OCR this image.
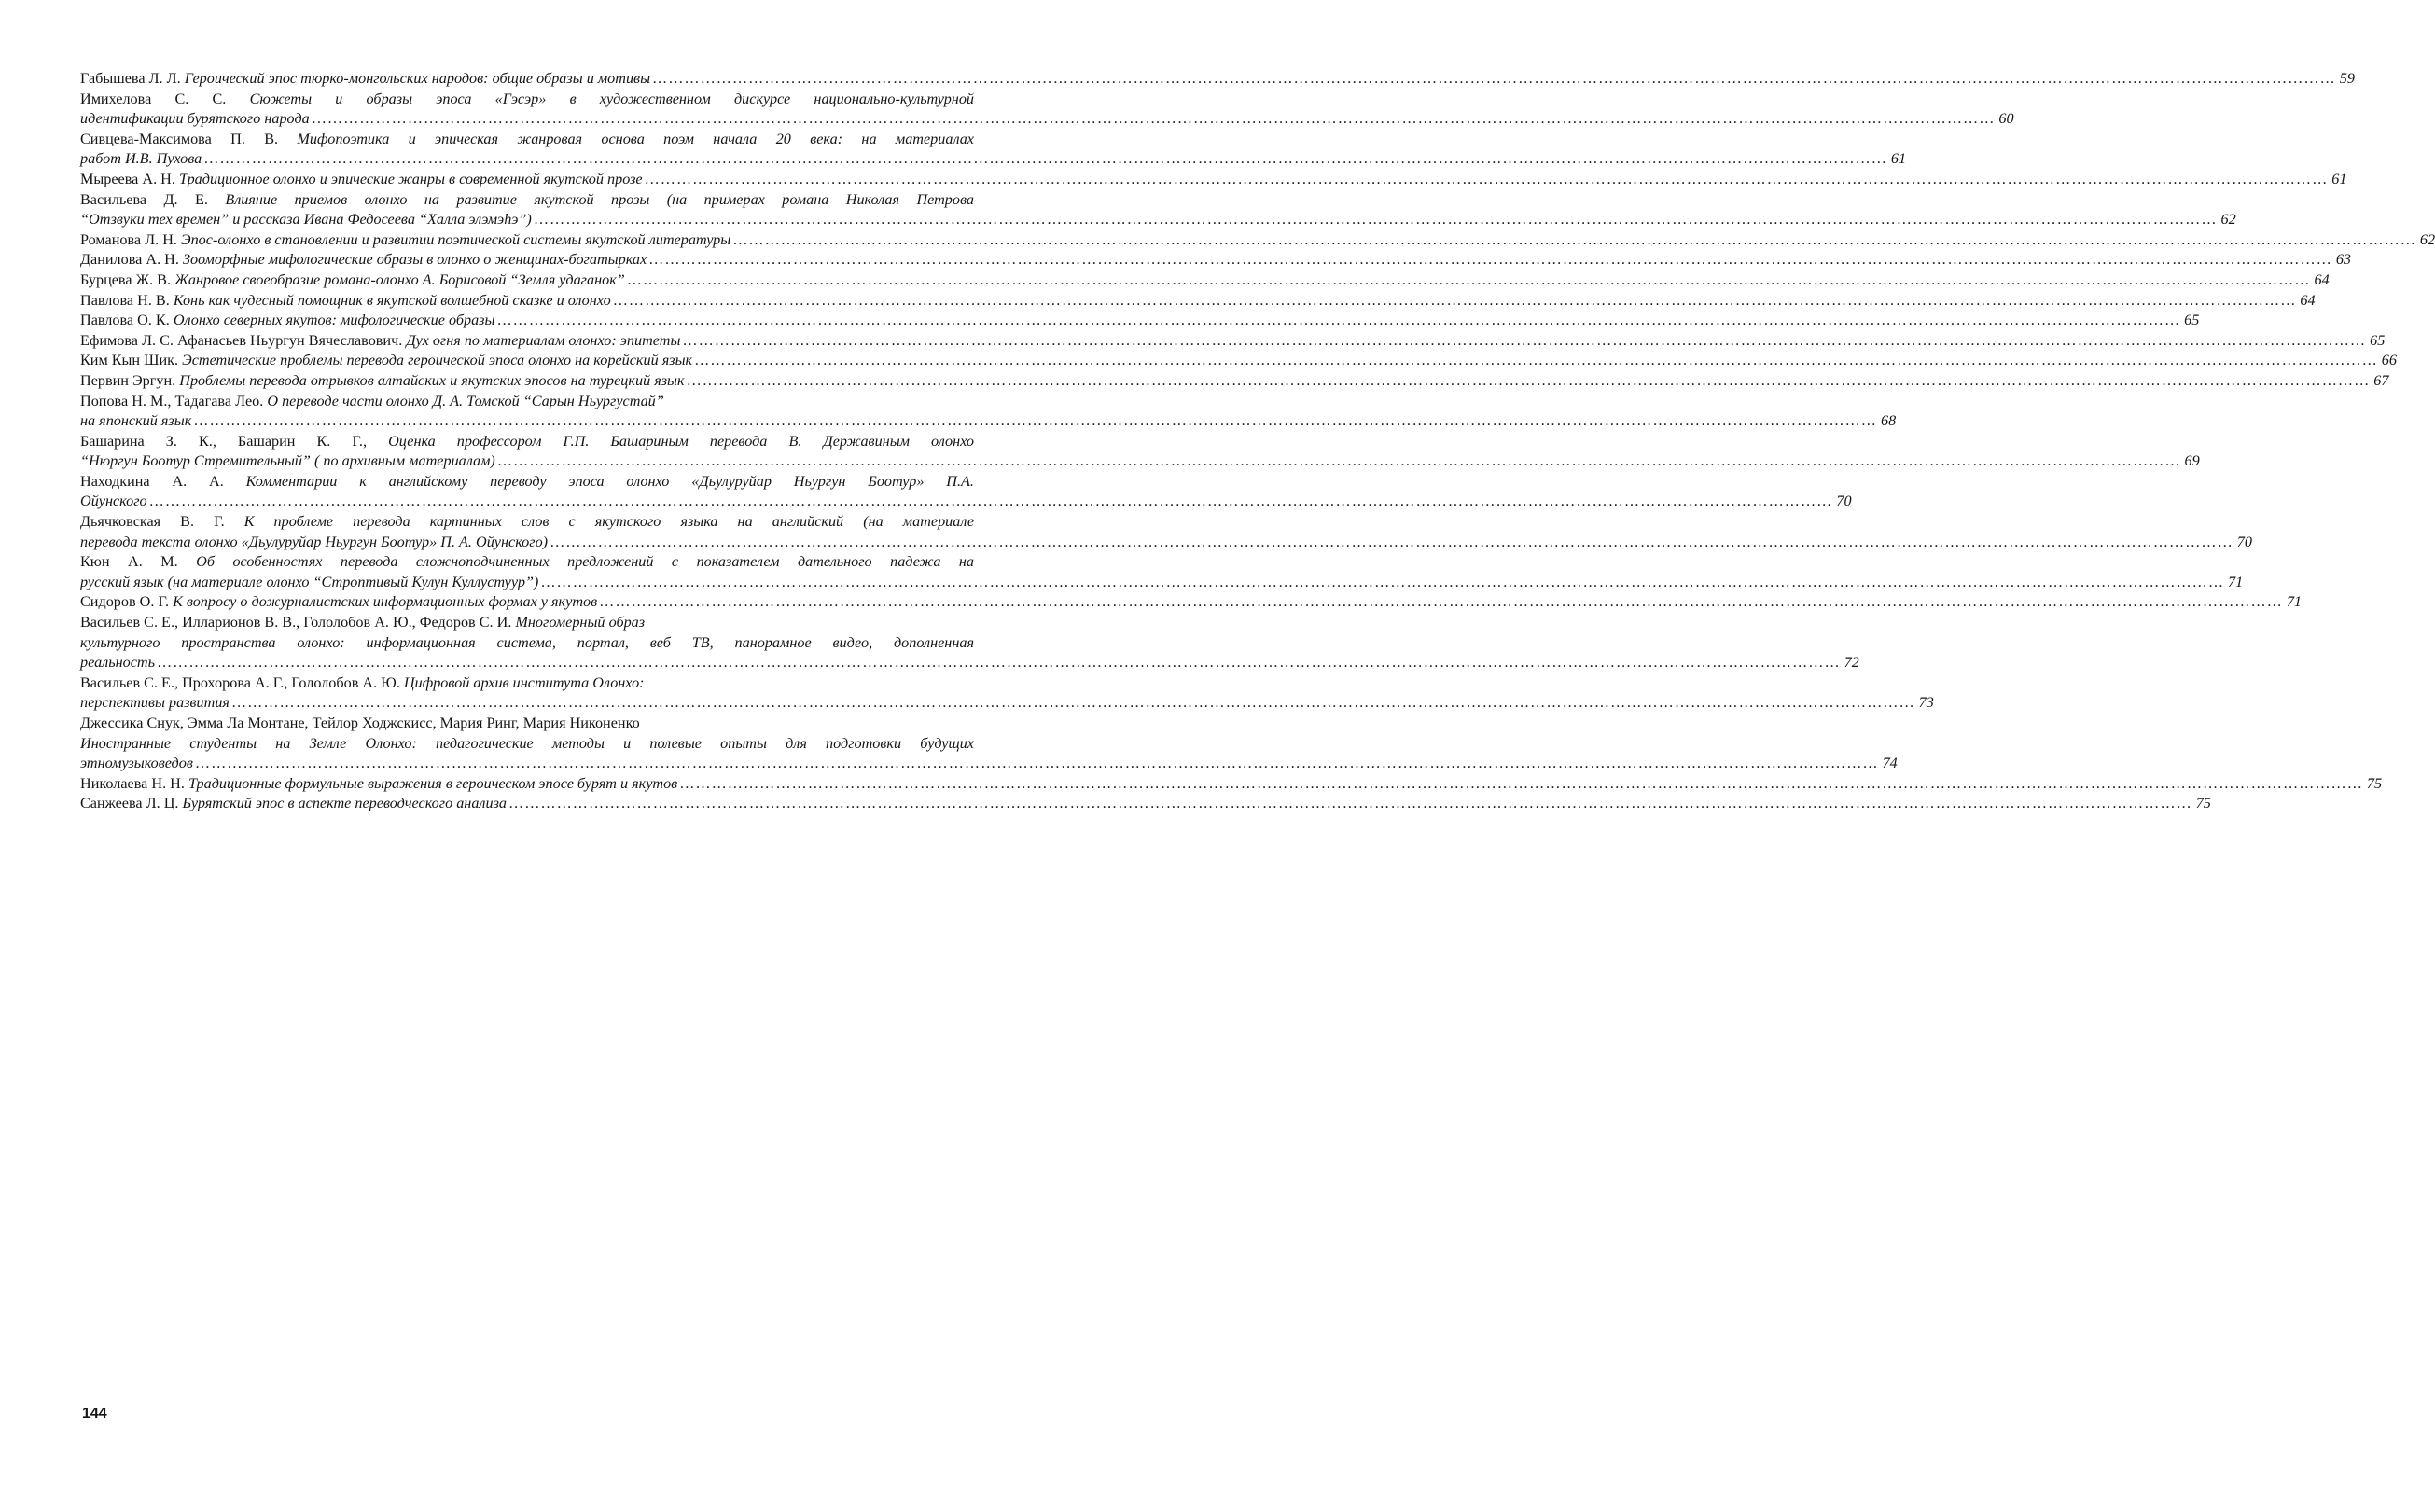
Габышева Л. Л. Героический эпос тюрко-монгольских народов: общие образы и мотивы ………………………………………………………………………………………………………………………………………………………………………………………………………………………………………………………………………………………	59
Имихелова С. С. Сюжеты и образы эпоса «Гэсэр» в художественном дискурсе национально-культурной
идентификации бурятского народа ………………………………………………………………………………………………………………………………………………………………………………………………………………………………………………………………………………………	60
Сивцева-Максимова П. В. Мифопоэтика и эпическая жанровая основа поэм начала 20 века: на материалах
работ И.В. Пухова ………………………………………………………………………………………………………………………………………………………………………………………………………………………………………………………………………………………	61
Мыреева А. Н. Традиционное олонхо и эпические жанры в современной якутской прозе ………………………………………………………………………………………………………………………………………………………………………………………………………………………………………………………………………………………	61
Васильева Д. Е. Влияние приемов олонхо на развитие якутской прозы (на примерах романа Николая Петрова
“Отзвуки тех времен” и рассказа Ивана Федосеева “Халла элэмэһэ”) ………………………………………………………………………………………………………………………………………………………………………………………………………………………………………………………………………………………	62
Романова Л. Н. Эпос-олонхо в становлении и развитии поэтической системы якутской литературы ………………………………………………………………………………………………………………………………………………………………………………………………………………………………………………………………………………………	62
Данилова А. Н. Зооморфные мифологические образы в олонхо о женщинах-богатырках ………………………………………………………………………………………………………………………………………………………………………………………………………………………………………………………………………………………	63
Бурцева Ж. В. Жанровое своеобразие романа-олонхо А. Борисовой “Земля удаганок” ………………………………………………………………………………………………………………………………………………………………………………………………………………………………………………………………………………………	64
Павлова Н. В. Конь как чудесный помощник в якутской волшебной сказке и олонхо ………………………………………………………………………………………………………………………………………………………………………………………………………………………………………………………………………………………	64
Павлова О. К. Олонхо северных якутов: мифологические образы ………………………………………………………………………………………………………………………………………………………………………………………………………………………………………………………………………………………	65
Ефимова Л. С. Афанасьев Ньургун Вячеславович. Дух огня по материалам олонхо: эпитеты ………………………………………………………………………………………………………………………………………………………………………………………………………………………………………………………………………………………	65
Ким Кын Шик. Эстетические проблемы перевода героической эпоса олонхо на корейский язык ………………………………………………………………………………………………………………………………………………………………………………………………………………………………………………………………………………………	66
Первин Эргун. Проблемы перевода отрывков алтайских и якутских эпосов на турецкий язык ………………………………………………………………………………………………………………………………………………………………………………………………………………………………………………………………………………………	67
Попова Н. М., Тадагава Лео. О переводе части олонхо Д. А. Томской “Сарын Ньургустай”
на японский язык ………………………………………………………………………………………………………………………………………………………………………………………………………………………………………………………………………………………	68
Башарина З. К., Башарин К. Г., Оценка профессором Г.П. Башариным перевода В. Державиным олонхо
“Нюргун Боотур Стремительный” ( по архивным материалам) ………………………………………………………………………………………………………………………………………………………………………………………………………………………………………………………………………………………	69
Находкина А. А. Комментарии к английскому переводу эпоса олонхо «Дьулуруйар Ньургун Боотур» П.А.
Ойунского ………………………………………………………………………………………………………………………………………………………………………………………………………………………………………………………………………………………	70
Дьячковская В. Г. К проблеме перевода картинных слов с якутского языка на английский (на материале
перевода текста олонхо «Дьулуруйар Ньургун Боотур» П. А. Ойунского) ………………………………………………………………………………………………………………………………………………………………………………………………………………………………………………………………………………………	70
Кюн А. М. Об особенностях перевода сложноподчиненных предложений с показателем дательного падежа на
русский язык (на материале олонхо “Строптивый Кулун Куллустуур”) ………………………………………………………………………………………………………………………………………………………………………………………………………………………………………………………………………………………	71
Сидоров О. Г. К вопросу о дожурналистских информационных формах у якутов ………………………………………………………………………………………………………………………………………………………………………………………………………………………………………………………………………………………	71
Васильев С. Е., Илларионов В. В., Гололобов А. Ю., Федоров С. И. Многомерный образ
культурного пространства олонхо: информационная система, портал, веб ТВ, панорамное видео, дополненная
реальность ………………………………………………………………………………………………………………………………………………………………………………………………………………………………………………………………………………………	72
Васильев С. Е., Прохорова А. Г., Гололобов А. Ю. Цифровой архив института Олонхо:
перспективы развития ………………………………………………………………………………………………………………………………………………………………………………………………………………………………………………………………………………………	73
Джессика Снук, Эмма Ла Монтане, Тейлор Ходжскисс, Мария Ринг, Мария Никоненко
Иностранные студенты на Земле Олонхо: педагогические методы и полевые опыты для подготовки будущих
этномузыковедов ………………………………………………………………………………………………………………………………………………………………………………………………………………………………………………………………………………………	74
Николаева Н. Н. Традиционные формульные выражения в героическом эпосе бурят и якутов ………………………………………………………………………………………………………………………………………………………………………………………………………………………………………………………………………………………	75
Санжеева Л. Ц. Бурятский эпос в аспекте переводческого анализа ………………………………………………………………………………………………………………………………………………………………………………………………………………………………………………………………………………………	75
144
